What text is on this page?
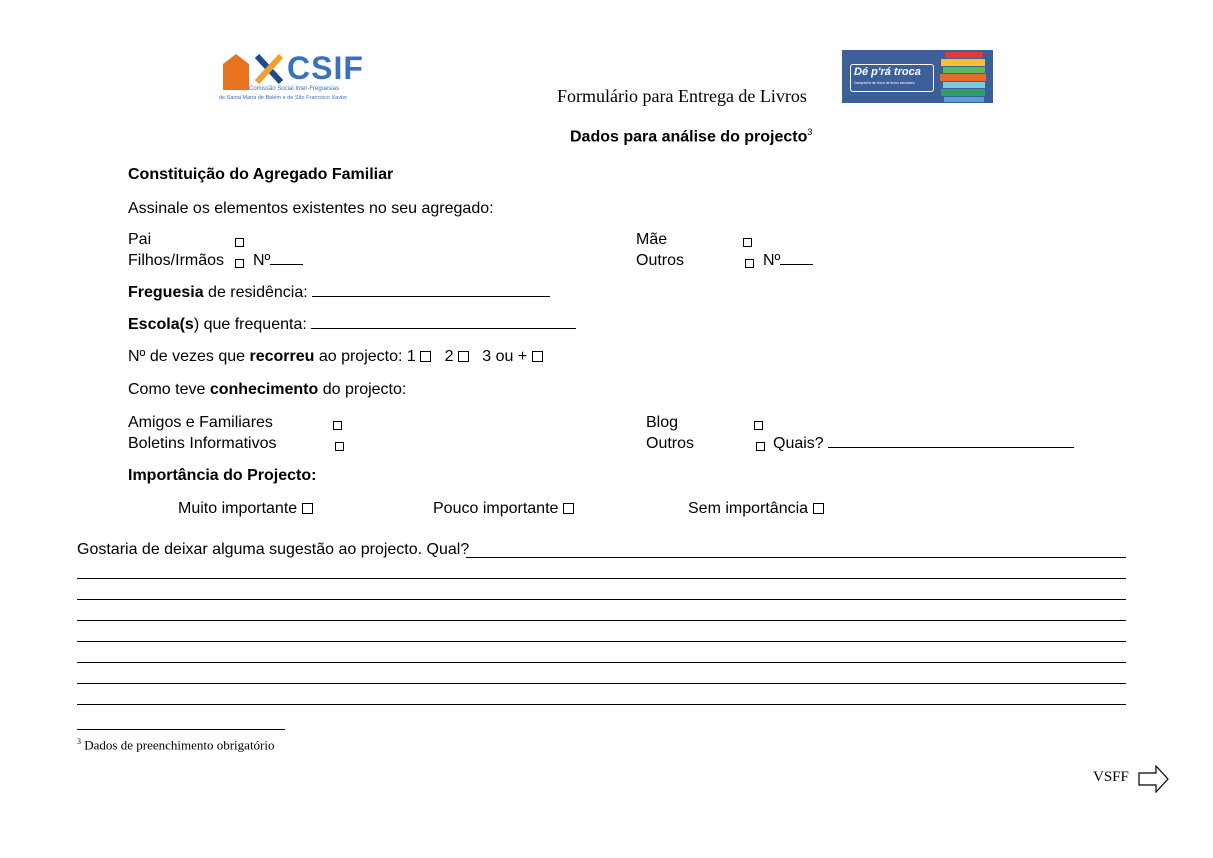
CSIF
Comissão Social Inter-Freguesias
de Santa Maria de Belém e de São Francisco Xavier	Formulário para Entrega de Livros
Dé p'rá troca
Campanha de troca de livros escolares
Dados para análise do projecto$^3$
Constituição do Agregado Familiar
Assinale os elementos existentes no seu agregado:
Pai	Mãe
Filhos/Irmãos Nº	Outros	Nº
Freguesia de residência:
Escola(s) que frequenta:
Nº de vezes que recorreu ao projecto: 1 2 3 ou +
Como teve conhecimento do projecto:
Amigos e Familiares	Blog
Boletins Informativos	Outros	Quais?
Importância do Projecto:
Muito importante	Pouco importante	Sem importância
Gostaria de deixar alguma sugestão ao projecto. Qual?
$^3$ Dados de preenchimento obrigatório
VSFF
